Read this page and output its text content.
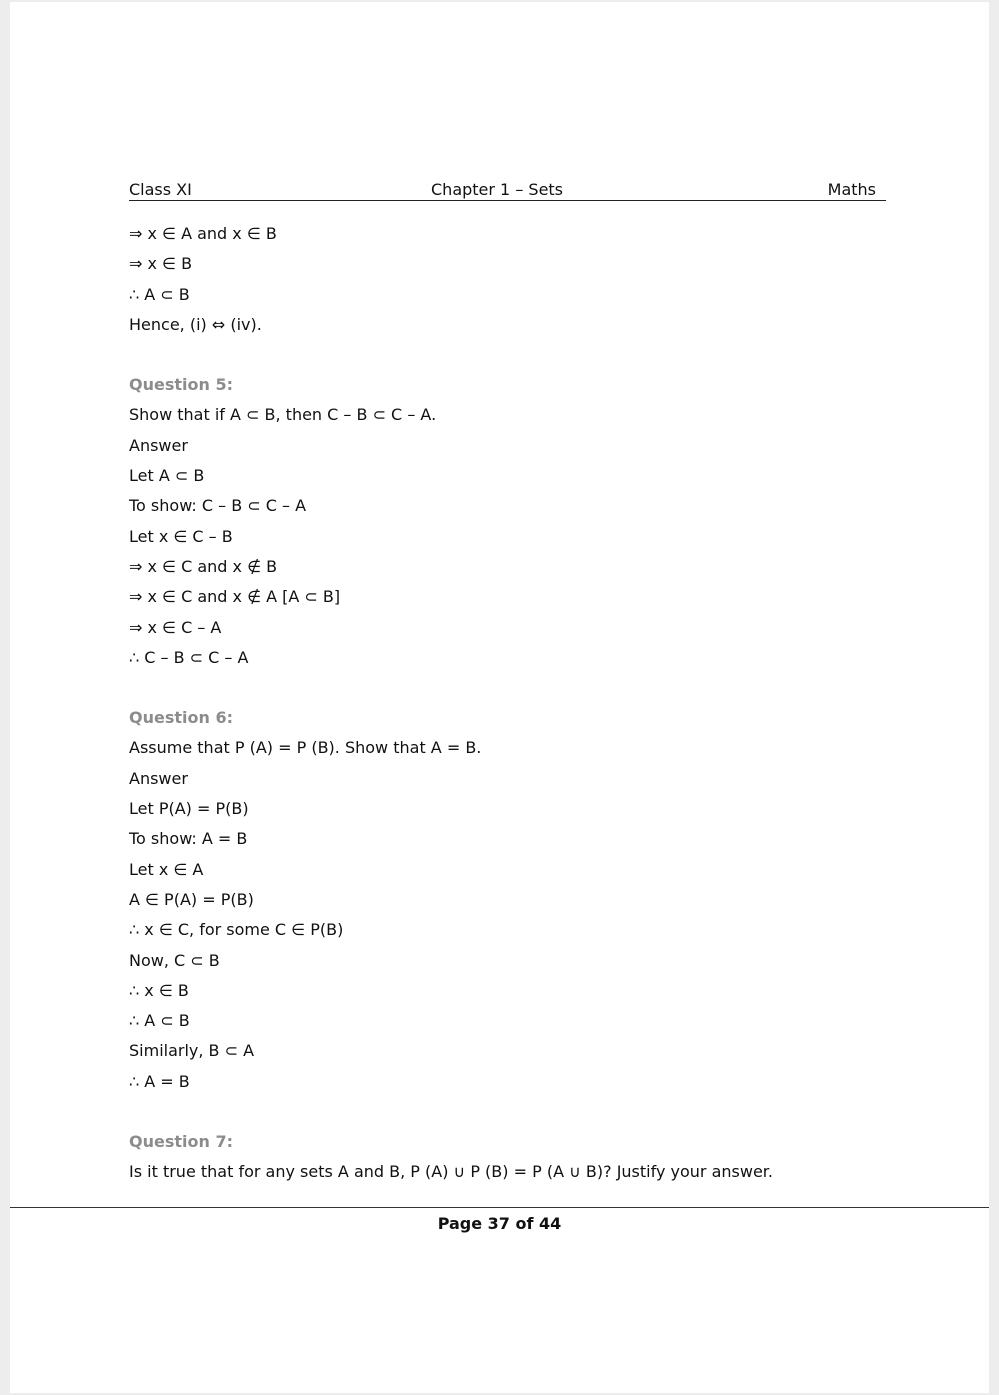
Class XI	Chapter 1 – Sets	Maths
⇒ x ∈ A and x ∈ B
⇒ x ∈ B
∴ A ⊂ B
Hence, (i) ⇔ (iv).
Question 5:
Show that if A ⊂ B, then C – B ⊂ C – A.
Answer
Let A ⊂ B
To show: C – B ⊂ C – A
Let x ∈ C – B
⇒ x ∈ C and x ∉ B
⇒ x ∈ C and x ∉ A [A ⊂ B]
⇒ x ∈ C – A
∴ C – B ⊂ C – A
Question 6:
Assume that P (A) = P (B). Show that A = B.
Answer
Let P(A) = P(B)
To show: A = B
Let x ∈ A
A ∈ P(A) = P(B)
∴ x ∈ C, for some C ∈ P(B)
Now, C ⊂ B
∴ x ∈ B
∴ A ⊂ B
Similarly, B ⊂ A
∴ A = B
Question 7:
Is it true that for any sets A and B, P (A) ∪ P (B) = P (A ∪ B)? Justify your answer.
Page 37 of 44
